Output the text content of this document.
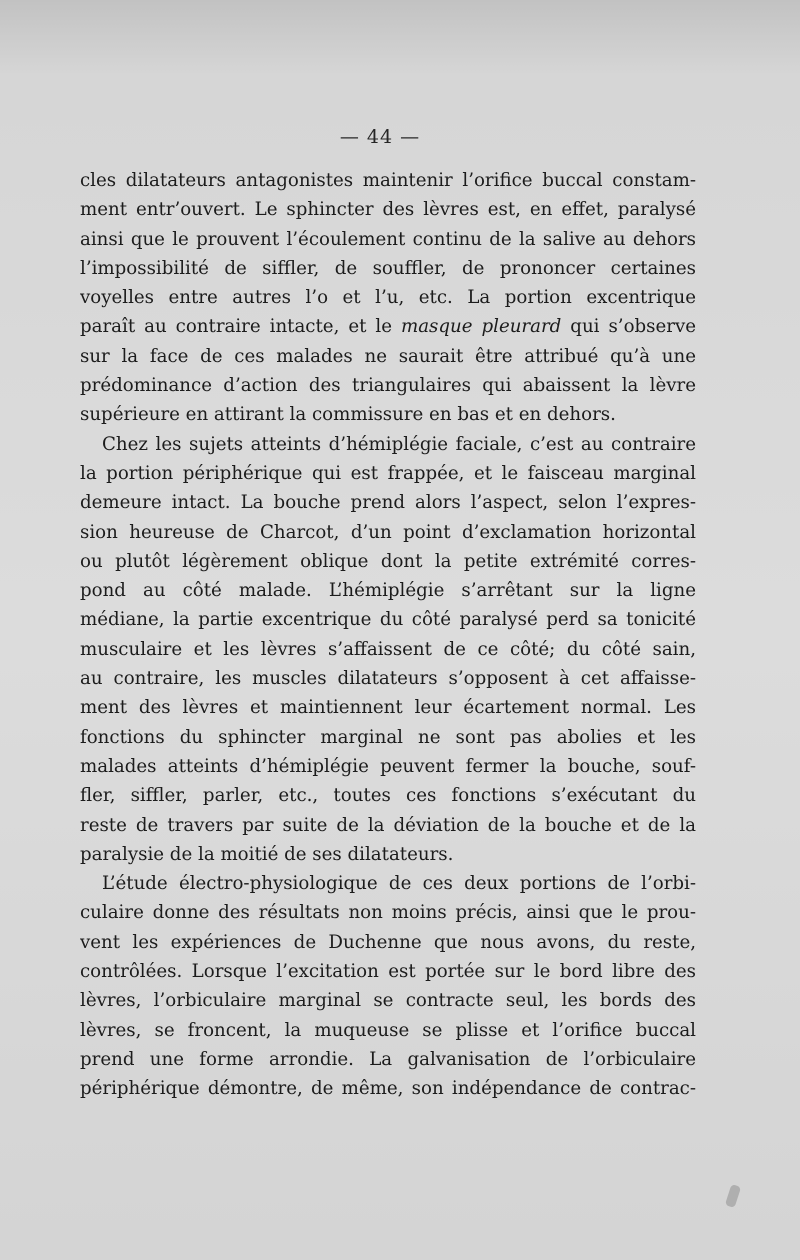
— 44 —
cles dilatateurs antagonistes maintenir l’orifice buccal constam-
ment entr’ouvert. Le sphincter des lèvres est, en effet, paralysé
ainsi que le prouvent l’écoulement continu de la salive au dehors
l’impossibilité de siffler, de souffler, de prononcer certaines
voyelles entre autres l’o et l’u, etc. La portion excentrique
paraît au contraire intacte, et le masque pleurard qui s’observe
sur la face de ces malades ne saurait être attribué qu’à une
prédominance d’action des triangulaires qui abaissent la lèvre
supérieure en attirant la commissure en bas et en dehors.
Chez les sujets atteints d’hémiplégie faciale, c’est au contraire
la portion périphérique qui est frappée, et le faisceau marginal
demeure intact. La bouche prend alors l’aspect, selon l’expres-
sion heureuse de Charcot, d’un point d’exclamation horizontal
ou plutôt légèrement oblique dont la petite extrémité corres-
pond au côté malade. L’hémiplégie s’arrêtant sur la ligne
médiane, la partie excentrique du côté paralysé perd sa tonicité
musculaire et les lèvres s’affaissent de ce côté; du côté sain,
au contraire, les muscles dilatateurs s’opposent à cet affaisse-
ment des lèvres et maintiennent leur écartement normal. Les
fonctions du sphincter marginal ne sont pas abolies et les
malades atteints d’hémiplégie peuvent fermer la bouche, souf-
fler, siffler, parler, etc., toutes ces fonctions s’exécutant du
reste de travers par suite de la déviation de la bouche et de la
paralysie de la moitié de ses dilatateurs.
L’étude électro-physiologique de ces deux portions de l’orbi-
culaire donne des résultats non moins précis, ainsi que le prou-
vent les expériences de Duchenne que nous avons, du reste,
contrôlées. Lorsque l’excitation est portée sur le bord libre des
lèvres, l’orbiculaire marginal se contracte seul, les bords des
lèvres, se froncent, la muqueuse se plisse et l’orifice buccal
prend une forme arrondie. La galvanisation de l’orbiculaire
périphérique démontre, de même, son indépendance de contrac-
